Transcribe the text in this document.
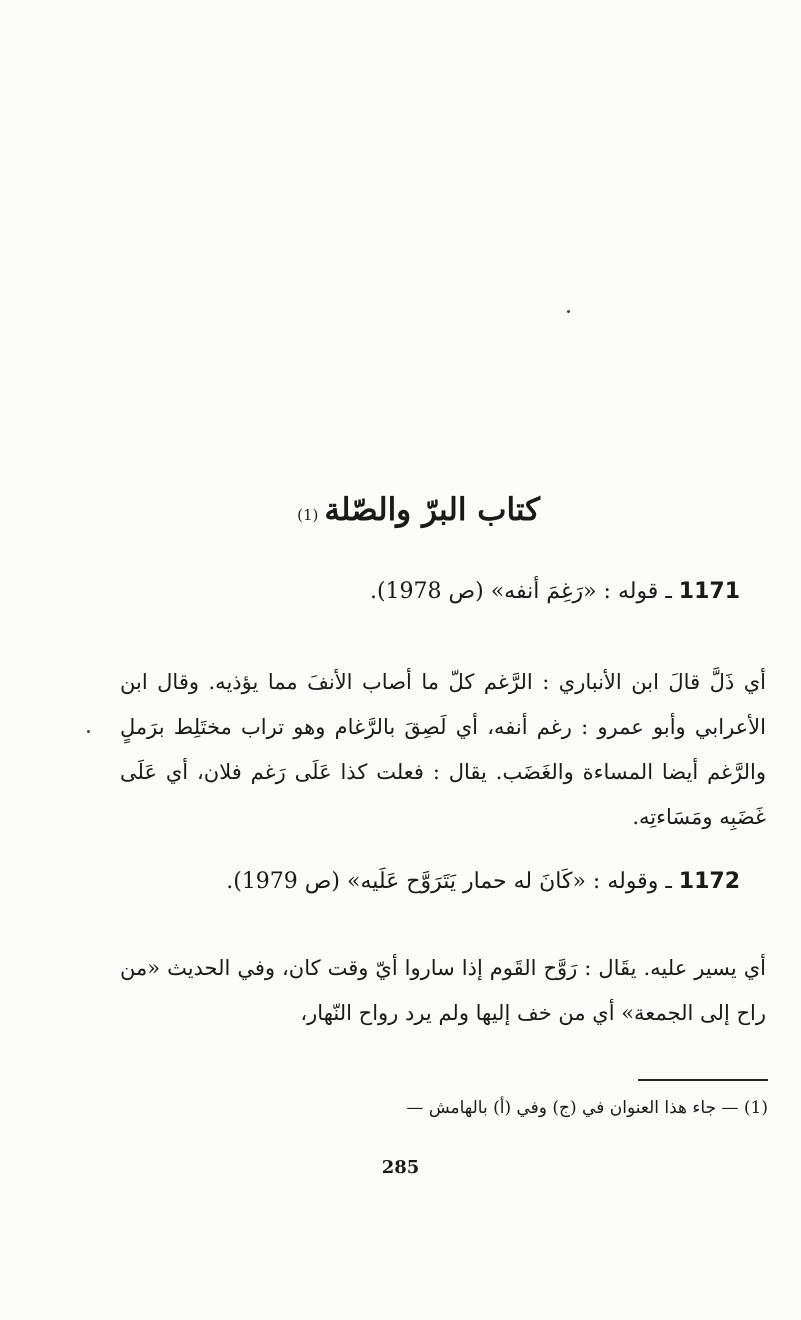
كتاب البرّ والصّلة(1)
1171 ـ قوله : «رَغِمَ أنفه» (ص 1978).

أي ذَلَّ قالَ ابن الأنباري : الرَّغم كلّ ما أصاب الأنفَ مما يؤذيه. وقال ابن الأعرابي وأبو عمرو : رغم أنفه، أي لَصِقَ بالرَّغام وهو تراب مختَلِط برَملٍ والرَّغم أيضا المساءة والغَضَب. يقال : فعلت كذا عَلَى رَغم فلان، أي عَلَى غَضَبِه ومَسَاءتِه.

1172 ـ وقوله : «كَانَ له حمار يَتَرَوَّح عَلَيه» (ص 1979).

أي يسير عليه. يقَال : رَوَّح القَوم إذا ساروا أيّ وقت كان، وفي الحديث «من راح إلى الجمعة» أي من خف إليها ولم يرد رواح النّهار،

(1) — جاء هذا العنوان في (ج) وفي (أ) بالهامش —
285
